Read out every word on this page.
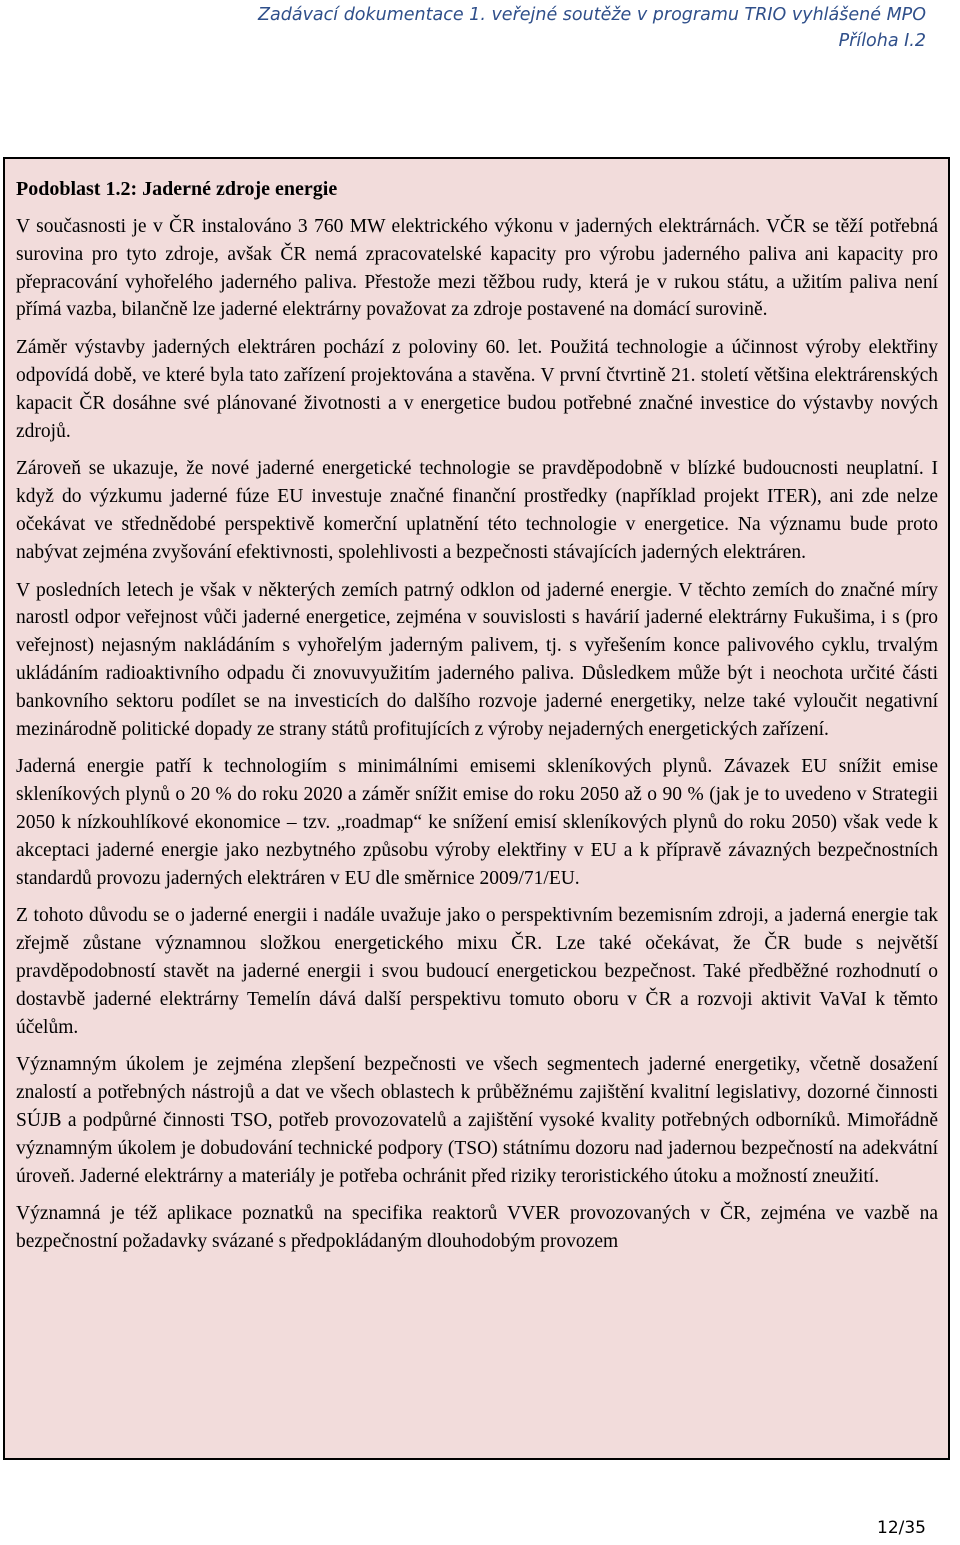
Zadávací dokumentace 1. veřejné soutěže v programu TRIO vyhlášené MPO
Příloha I.2
Podoblast 1.2: Jaderné zdroje energie

V současnosti je v ČR instalováno 3 760 MW elektrického výkonu v jaderných elektrárnách. VČR se těží potřebná surovina pro tyto zdroje, avšak ČR nemá zpracovatelské kapacity pro výrobu jaderného paliva ani kapacity pro přepracování vyhořelého jaderného paliva. Přestože mezi těžbou rudy, která je v rukou státu, a užitím paliva není přímá vazba, bilančně lze jaderné elektrárny považovat za zdroje postavené na domácí surovině.

Záměr výstavby jaderných elektráren pochází z poloviny 60. let. Použitá technologie a účinnost výroby elektřiny odpovídá době, ve které byla tato zařízení projektována a stavěna. V první čtvrtině 21. století většina elektrárenských kapacit ČR dosáhne své plánované životnosti a v energetice budou potřebné značné investice do výstavby nových zdrojů.

Zároveň se ukazuje, že nové jaderné energetické technologie se pravděpodobně v blízké budoucnosti neuplatní. I když do výzkumu jaderné fúze EU investuje značné finanční prostředky (například projekt ITER), ani zde nelze očekávat ve střednědobé perspektivě komerční uplatnění této technologie v energetice. Na významu bude proto nabývat zejména zvyšování efektivnosti, spolehlivosti a bezpečnosti stávajících jaderných elektráren.

V posledních letech je však v některých zemích patrný odklon od jaderné energie. V těchto zemích do značné míry narostl odpor veřejnost vůči jaderné energetice, zejména v souvislosti s havárií jaderné elektrárny Fukušima, i s (pro veřejnost) nejasným nakládáním s vyhořelým jaderným palivem, tj. s vyřešením konce palivového cyklu, trvalým ukládáním radioaktivního odpadu či znovuvyužitím jaderného paliva. Důsledkem může být i neochota určité části bankovního sektoru podílet se na investicích do dalšího rozvoje jaderné energetiky, nelze také vyloučit negativní mezinárodně politické dopady ze strany států profitujících z výroby nejaderných energetických zařízení.

Jaderná energie patří k technologiím s minimálními emisemi skleníkových plynů. Závazek EU snížit emise skleníkových plynů o 20 % do roku 2020 a záměr snížit emise do roku 2050 až o 90 % (jak je to uvedeno v Strategii 2050 k nízkouhlíkové ekonomice – tzv. „roadmap“ ke snížení emisí skleníkových plynů do roku 2050) však vede k akceptaci jaderné energie jako nezbytného způsobu výroby elektřiny v EU a k přípravě závazných bezpečnostních standardů provozu jaderných elektráren v EU dle směrnice 2009/71/EU.

Z tohoto důvodu se o jaderné energii i nadále uvažuje jako o perspektivním bezemisním zdroji, a jaderná energie tak zřejmě zůstane významnou složkou energetického mixu ČR. Lze také očekávat, že ČR bude s největší pravděpodobností stavět na jaderné energii i svou budoucí energetickou bezpečnost. Také předběžné rozhodnutí o dostavbě jaderné elektrárny Temelín dává další perspektivu tomuto oboru v ČR a rozvoji aktivit VaVaI k těmto účelům.

Významným úkolem je zejména zlepšení bezpečnosti ve všech segmentech jaderné energetiky, včetně dosažení znalostí a potřebných nástrojů a dat ve všech oblastech k průběžnému zajištění kvalitní legislativy, dozorné činnosti SÚJB a podpůrné činnosti TSO, potřeb provozovatelů a zajištění vysoké kvality potřebných odborníků. Mimořádně významným úkolem je dobudování technické podpory (TSO) státnímu dozoru nad jadernou bezpečností na adekvátní úroveň. Jaderné elektrárny a materiály je potřeba ochránit před riziky teroristického útoku a možností zneužití.

Významná je též aplikace poznatků na specifika reaktorů VVER provozovaných v ČR, zejména ve vazbě na bezpečnostní požadavky svázané s předpokládaným dlouhodobým provozem

12/35
